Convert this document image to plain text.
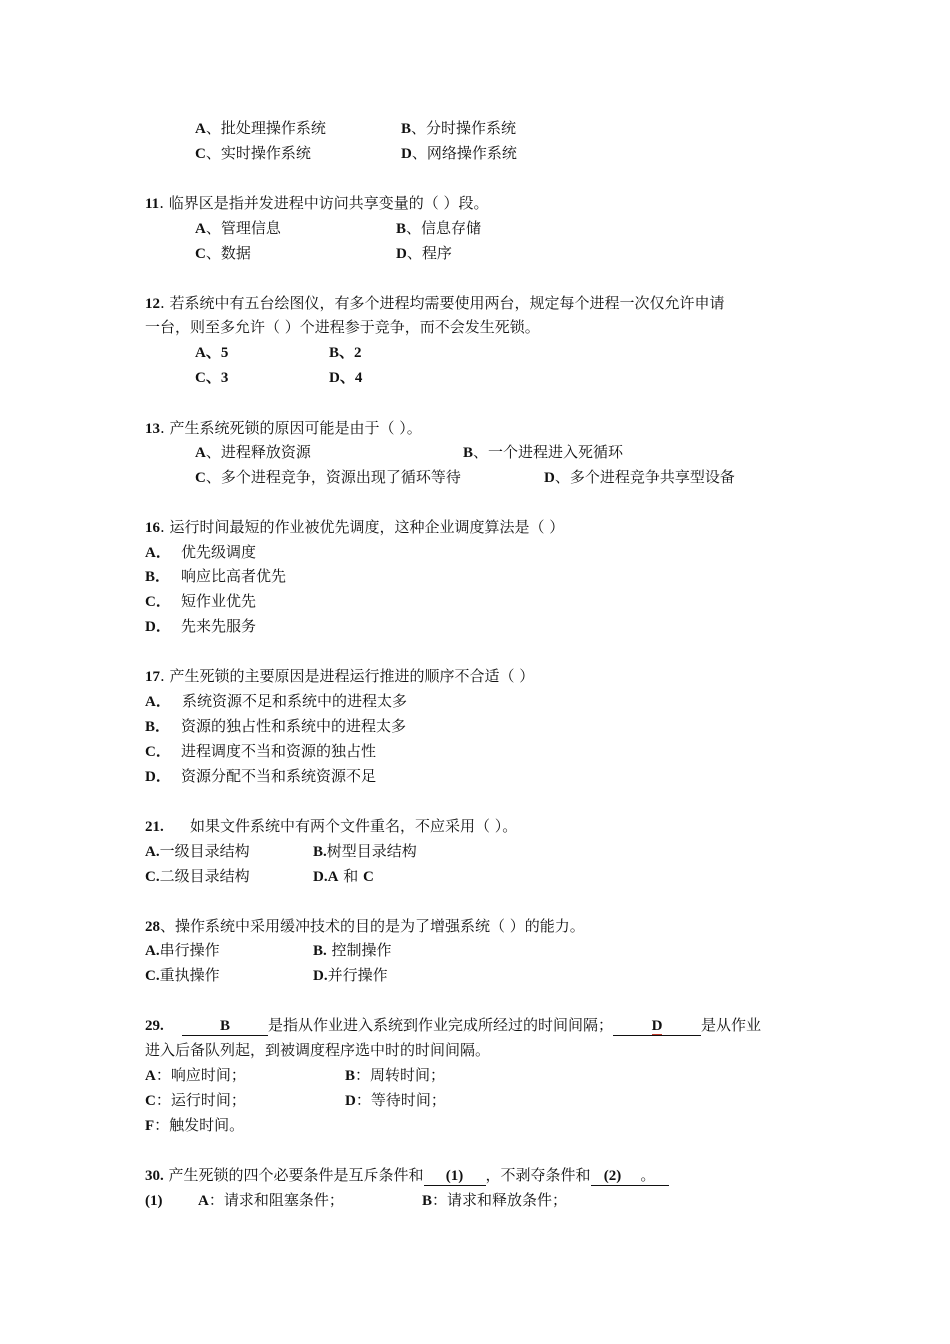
A、批处理操作系统	B、分时操作系统
C、实时操作系统	D、网络操作系统
11. 临界区是指并发进程中访问共享变量的（ ）段。
A、管理信息	B、信息存储
C、数据	D、程序
12. 若系统中有五台绘图仪，有多个进程均需要使用两台，规定每个进程一次仅允许申请
一台，则至多允许（ ）个进程参于竞争，而不会发生死锁。
A、5	B、2
C、3	D、4
13. 产生系统死锁的原因可能是由于（ ）。
A、进程释放资源	B、一个进程进入死循环
C、多个进程竞争，资源出现了循环等待	D、多个进程竞争共享型设备
16. 运行时间最短的作业被优先调度，这种企业调度算法是（ ）
A． 优先级调度
B． 响应比高者优先
C． 短作业优先
D． 先来先服务
17. 产生死锁的主要原因是进程运行推进的顺序不合适（ ）
A． 系统资源不足和系统中的进程太多
B． 资源的独占性和系统中的进程太多
C． 进程调度不当和资源的独占性
D． 资源分配不当和系统资源不足
21. 如果文件系统中有两个文件重名，不应采用（ ）。
A.一级目录结构	B.树型目录结构
C.二级目录结构	D.A 和 C
28、操作系统中采用缓冲技术的目的是为了增强系统（ ）的能力。
A.串行操作	B. 控制操作
C.重执操作	D.并行操作
29.	B	是指从作业进入系统到作业完成所经过的时间间隔；	D	是从作业
进入后备队列起，到被调度程序选中时的时间间隔。
A：响应时间；	B：周转时间；
C：运行时间；	D：等待时间；
F：触发时间。
30. 产生死锁的四个必要条件是互斥条件和 (1) ，不剥夺条件和 (2) 。
(1) A：请求和阻塞条件；	B：请求和释放条件；
